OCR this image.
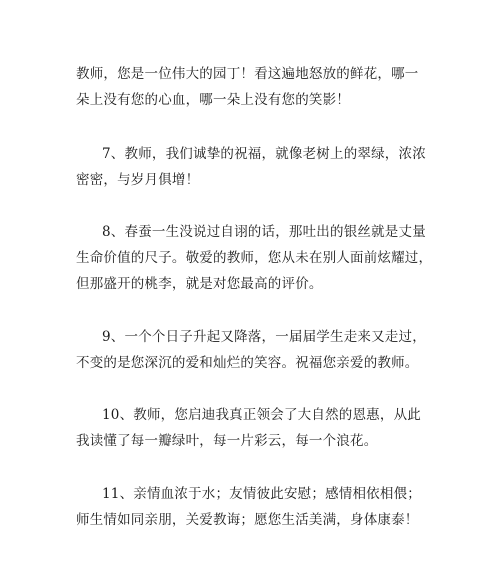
教师，您是一位伟大的园丁！看这遍地怒放的鲜花，哪一
朵上没有您的心血，哪一朵上没有您的笑影！

7、教师，我们诚挚的祝福，就像老树上的翠绿，浓浓
密密，与岁月俱增！

8、春蚕一生没说过自诩的话，那吐出的银丝就是丈量
生命价值的尺子。敬爱的教师，您从未在别人面前炫耀过，
但那盛开的桃李，就是对您最高的评价。

9、一个个日子升起又降落，一届届学生走来又走过，
不变的是您深沉的爱和灿烂的笑容。祝福您亲爱的教师。

10、教师，您启迪我真正领会了大自然的恩惠，从此
我读懂了每一瓣绿叶，每一片彩云，每一个浪花。

11、亲情血浓于水；友情彼此安慰；感情相依相偎；
师生情如同亲朋，关爱教诲；愿您生活美满，身体康泰！
